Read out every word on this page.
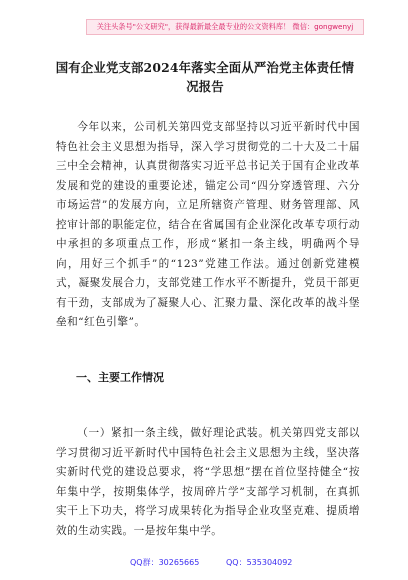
关注头条号"公文研究"，获得最新最全最专业的公文资料库！ 微信：gongwenyj
国有企业党支部2024年落实全面从严治党主体责任情况报告

今年以来，公司机关第四党支部坚持以习近平新时代中国特色社会主义思想为指导，深入学习贯彻党的二十大及二十届三中全会精神，认真贯彻落实习近平总书记关于国有企业改革发展和党的建设的重要论述，锚定公司“四分穿透管理、六分市场运营”的发展方向，立足所辖资产管理、财务管理部、风控审计部的职能定位，结合在省属国有企业深化改革专项行动中承担的多项重点工作，形成“紧扣一条主线，明确两个导向，用好三个抓手”的“123”党建工作法。通过创新党建模式，凝聚发展合力，支部党建工作水平不断提升，党员干部更有干劲，支部成为了凝聚人心、汇聚力量、深化改革的战斗堡垒和“红色引擎”。

一、主要工作情况

（一）紧扣一条主线，做好理论武装。机关第四党支部以学习贯彻习近平新时代中国特色社会主义思想为主线，坚决落实新时代党的建设总要求，将“学思想”摆在首位坚持健全“按年集中学，按期集体学，按周碎片学”支部学习机制，在真抓实干上下功夫，将学习成果转化为指导企业攻坚克难、提质增效的生动实践。一是按年集中学。

QQ群：30265665	QQ：535304092
